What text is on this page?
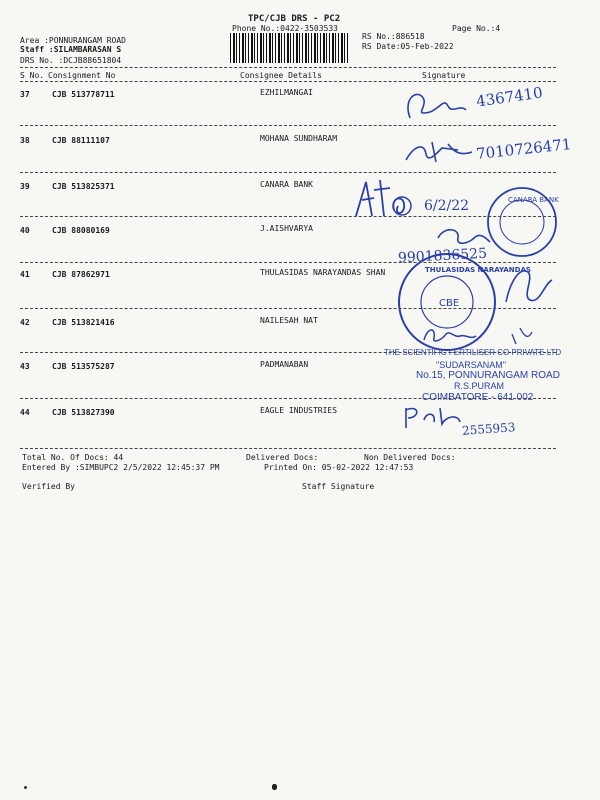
TPC/CJB DRS - PC2
Phone No.:0422-3503533	Page No.:4
Area :PONNURANGAM ROAD
Staff :SILAMBARASAN S
DRS No. :DCJB88651804
RS No.:886518
RS Date:05-Feb-2022
S No. Consignment No	Consignee Details	Signature
37	CJB 513778711	EZHILMANGAI
38	CJB 88111107	MOHANA SUNDHARAM
39	CJB 513825371	CANARA BANK
40	CJB 88080169	J.AISHVARYA
41	CJB 87862971	THULASIDAS NARAYANDAS SHAN
42	CJB 513821416	NAILESAH NAT
43	CJB 513575287	PADMANABAN
44	CJB 513827390	EAGLE INDUSTRIES
4367410
7010726471
6/2/22
9901836525
2555953
CANARA BANK
THULASIDAS NARAYANDAS
CBE
THE SCIENTIFIC FERTILISER CO PRIVATE LTD
"SUDARSANAM"
No.15, PONNURANGAM ROAD
R.S.PURAM
COIMBATORE - 641 002
Total No. Of Docs: 44	Delivered Docs:	Non Delivered Docs:
Entered By :SIMBUPC2 2/5/2022 12:45:37 PM	Printed On: 05-02-2022 12:47:53
Verified By	Staff Signature
